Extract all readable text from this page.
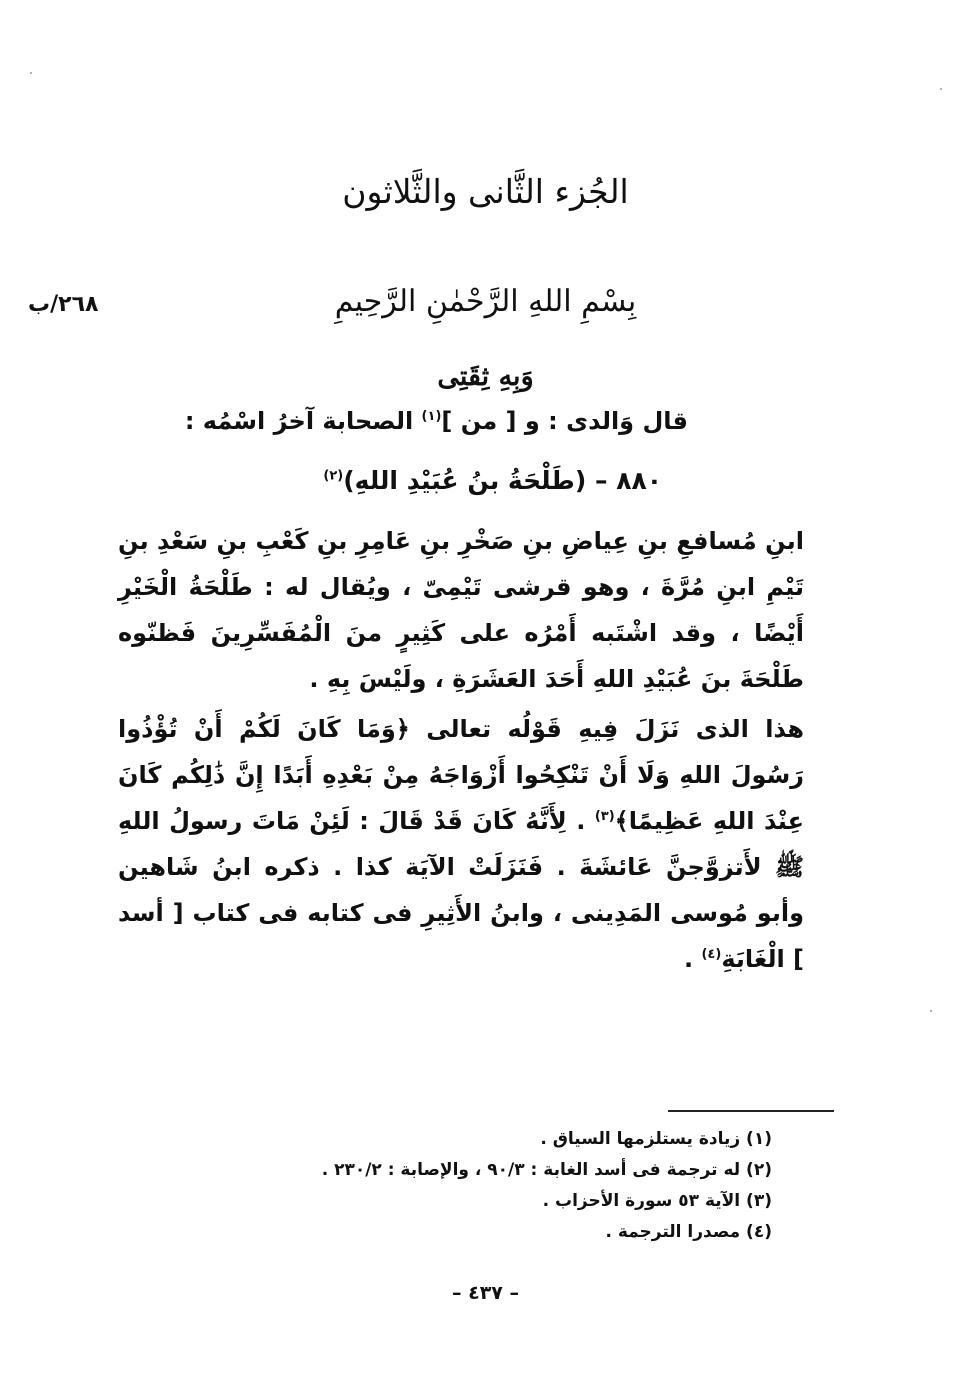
الجُزء الثَّانى والثَّلاثون
٢٦٨/ب	بِسْمِ اللهِ الرَّحْمٰنِ الرَّحِيمِ
وَبِهِ ثِقَتِى
قال وَالدى : و [ من ]$^{(١)}$ الصحابة آخرُ اسْمُه :
٨٨٠ – (طَلْحَةُ بنُ عُبَيْدِ اللهِ)$^{(٢)}$

ابنِ مُسافعِ بنِ عِياضِ بنِ صَخْرِ بنِ عَامِرِ بنِ كَعْبِ بنِ سَعْدِ بنِ تَيْمِ ابنِ مُرَّةَ ، وهو قرشى تَيْمِىّ ، ويُقال له : طَلْحَةُ الْخَيْرِ أَيْضًا ، وقد اشْتَبه أَمْرُه على كَثِيرٍ منَ الْمُفَسِّرِينَ فَظنّوه طَلْحَةَ بنَ عُبَيْدِ اللهِ أَحَدَ العَشَرَةِ ، ولَيْسَ بِهِ .

هذا الذى نَزَلَ فِيهِ قَوْلُه تعالى ﴿وَمَا كَانَ لَكُمْ أَنْ تُؤْذُوا رَسُولَ اللهِ وَلَا أَنْ تَنْكِحُوا أَزْوَاجَهُ مِنْ بَعْدِهِ أَبَدًا إِنَّ ذَٰلِكُم كَانَ عِنْدَ اللهِ عَظِيمًا﴾$^{(٣)}$ . لِأَنَّهُ كَانَ قَدْ قَالَ : لَئِنْ مَاتَ رسولُ اللهِ ﷺ لأَتزوَّجنَّ عَائشَةَ . فَنَزَلَتْ الآيَة كذا . ذكره ابنُ شَاهين وأبو مُوسى المَدِينى ، وابنُ الأَثِيرِ فى كتابه فى كتاب [ أسد ] الْغَابَةِ$^{(٤)}$ .

(١) زيادة يستلزمها السياق .
(٢) له ترجمة فى أسد الغابة : ٩٠/٣ ، والإصابة : ٢٣٠/٢ .
(٣) الآية ٥٣ سورة الأحزاب .
(٤) مصدرا الترجمة .
– ٤٣٧ –
